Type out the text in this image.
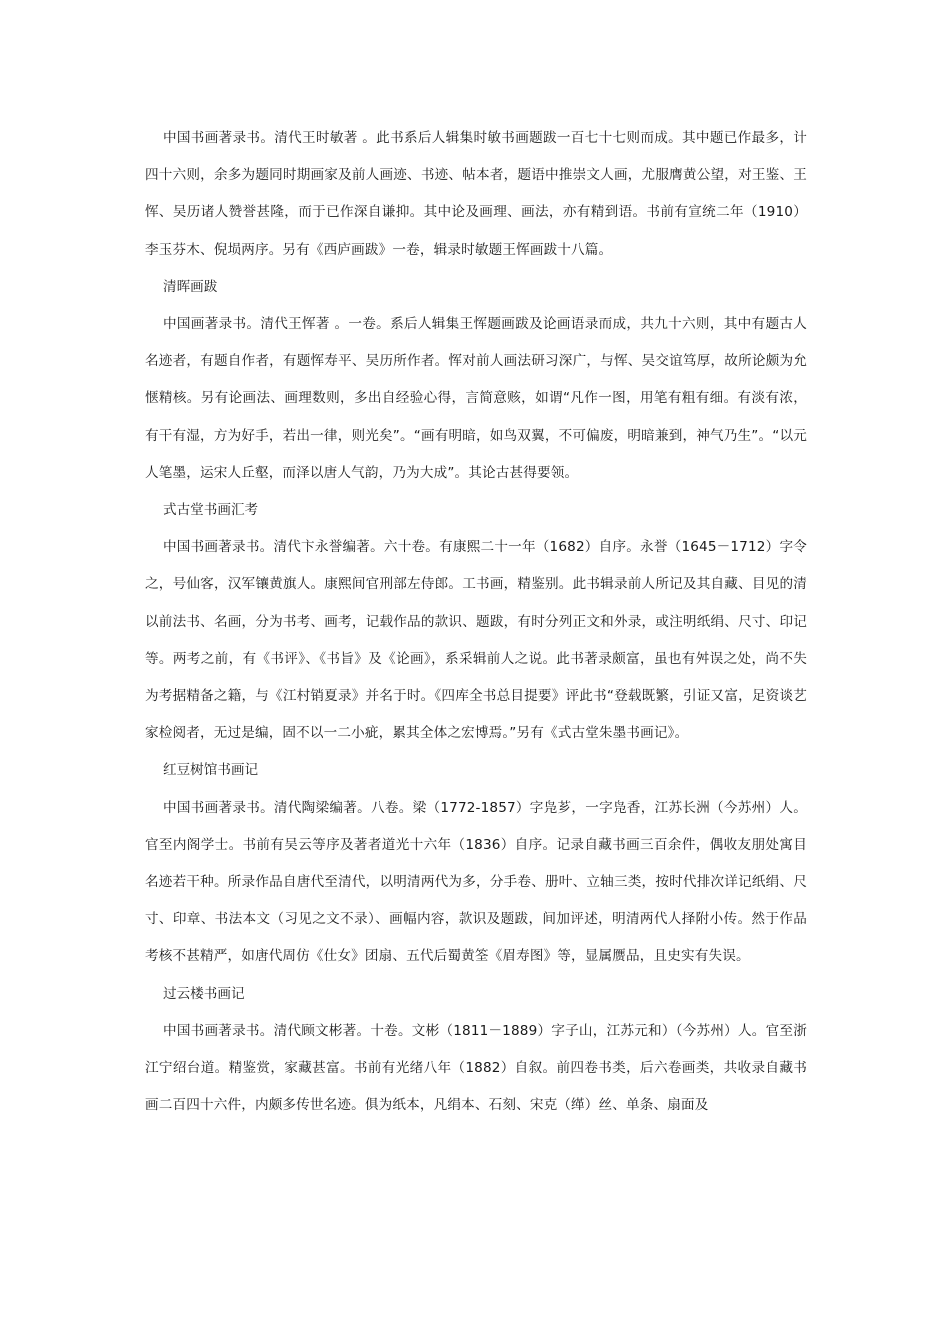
中国书画著录书。清代王时敏著 。此书系后人辑集时敏书画题跋一百七十七则而成。其中题已作最多，计四十六则，余多为题同时期画家及前人画迹、书迹、帖本者，题语中推崇文人画，尤服膺黄公望，对王鉴、王恽、吴历诸人赞誉甚隆，而于已作深自谦抑。其中论及画理、画法，亦有精到语。书前有宣统二年（1910）李玉芬木、倪埙两序。另有《西庐画跋》一卷，辑录时敏题王恽画跋十八篇。

清晖画跋

中国画著录书。清代王恽著 。一卷。系后人辑集王恽题画跋及论画语录而成，共九十六则，其中有题古人名迹者，有题自作者，有题恽寿平、吴历所作者。恽对前人画法研习深广，与恽、吴交谊笃厚，故所论颇为允惬精核。另有论画法、画理数则，多出自经验心得，言简意赅，如谓“凡作一图，用笔有粗有细。有淡有浓，有干有湿，方为好手，若出一律，则光矣”。“画有明暗，如鸟双翼，不可偏废，明暗兼到，神气乃生”。“以元人笔墨，运宋人丘壑，而泽以唐人气韵，乃为大成”。其论古甚得要领。

式古堂书画汇考

中国书画著录书。清代卞永誉编著。六十卷。有康熙二十一年（1682）自序。永誉（1645－1712）字令之，号仙客，汉军镶黄旗人。康熙间官刑部左侍郎。工书画，精鉴别。此书辑录前人所记及其自藏、目见的清以前法书、名画，分为书考、画考，记载作品的款识、题跋，有时分列正文和外录，或注明纸绢、尺寸、印记等。两考之前，有《书评》、《书旨》及《论画》，系采辑前人之说。此书著录颇富，虽也有舛误之处，尚不失为考据精备之籍，与《江村销夏录》并名于时。《四库全书总目提要》评此书“登载既繁，引证又富，足资谈艺家检阅者，无过是编，固不以一二小疵，累其全体之宏博焉。”另有《式古堂朱墨书画记》。

红豆树馆书画记

中国书画著录书。清代陶梁编著。八卷。梁（1772-1857）字凫芗，一字凫香，江苏长洲（今苏州）人。官至内阁学士。书前有吴云等序及著者道光十六年（1836）自序。记录自藏书画三百余件，偶收友朋处寓目名迹若干种。所录作品自唐代至清代，以明清两代为多，分手卷、册叶、立轴三类，按时代排次详记纸绢、尺寸、印章、书法本文（习见之文不录）、画幅内容，款识及题跋，间加评述，明清两代人择附小传。然于作品考核不甚精严，如唐代周仿《仕女》团扇、五代后蜀黄筌《眉寿图》等，显属赝品，且史实有失误。

过云楼书画记

中国书画著录书。清代顾文彬著。十卷。文彬（1811－1889）字子山，江苏元和）（今苏州）人。官至浙江宁绍台道。精鉴赏，家藏甚富。书前有光绪八年（1882）自叙。前四卷书类，后六卷画类，共收录自藏书画二百四十六件，内颇多传世名迹。俱为纸本，凡绢本、石刻、宋克（缂）丝、单条、扇面及
